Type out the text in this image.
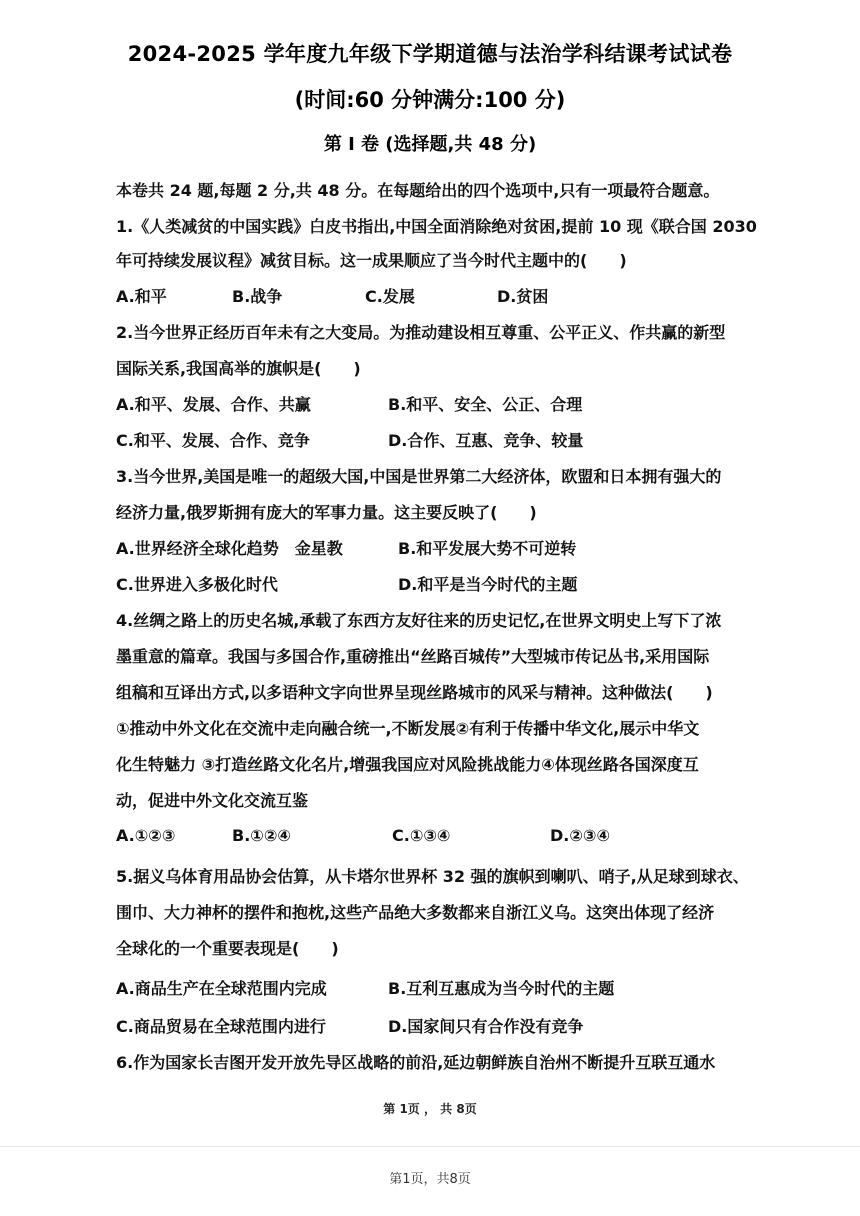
2024-2025 学年度九年级下学期道德与法治学科结课考试试卷
(时间:60 分钟满分:100 分)
第 I 卷 (选择题,共 48 分)
本卷共 24 题,每题 2 分,共 48 分。在每题给出的四个选项中,只有一项最符合题意。
1.《人类减贫的中国实践》白皮书指出,中国全面消除绝对贫困,提前 10 现《联合国 2030
年可持续发展议程》减贫目标。这一成果顺应了当今时代主题中的(　　)
A.和平	B.战争	C.发展	D.贫困
2.当今世界正经历百年未有之大变局。为推动建设相互尊重、公平正义、作共赢的新型
国际关系,我国高举的旗帜是(　　)
A.和平、发展、合作、共赢	B.和平、安全、公正、合理
C.和平、发展、合作、竞争	D.合作、互惠、竞争、较量
3.当今世界,美国是唯一的超级大国,中国是世界第二大经济体，欧盟和日本拥有强大的
经济力量,俄罗斯拥有庞大的军事力量。这主要反映了(　　)
A.世界经济全球化趋势　金星教	B.和平发展大势不可逆转
C.世界进入多极化时代	D.和平是当今时代的主题
4.丝绸之路上的历史名城,承载了东西方友好往来的历史记忆,在世界文明史上写下了浓
墨重意的篇章。我国与多国合作,重磅推出“丝路百城传”大型城市传记丛书,采用国际
组稿和互译出方式,以多语种文字向世界呈现丝路城市的风采与精神。这种做法(　　)
①推动中外文化在交流中走向融合统一,不断发展②有利于传播中华文化,展示中华文
化生特魅力 ③打造丝路文化名片,增强我国应对风险挑战能力④体现丝路各国深度互
动，促进中外文化交流互鉴
A.①②③	B.①②④	C.①③④	D.②③④
5.据义乌体育用品协会估算，从卡塔尔世界杯 32 强的旗帜到喇叭、哨子,从足球到球衣、
围巾、大力神杯的摆件和抱枕,这些产品绝大多数都来自浙江义乌。这突出体现了经济
全球化的一个重要表现是(　　)
A.商品生产在全球范围内完成	B.互利互惠成为当今时代的主题
C.商品贸易在全球范围内进行	D.国家间只有合作没有竞争
6.作为国家长吉图开发开放先导区战略的前沿,延边朝鲜族自治州不断提升互联互通水
第 1页 ， 共 8页
第1页，共8页
